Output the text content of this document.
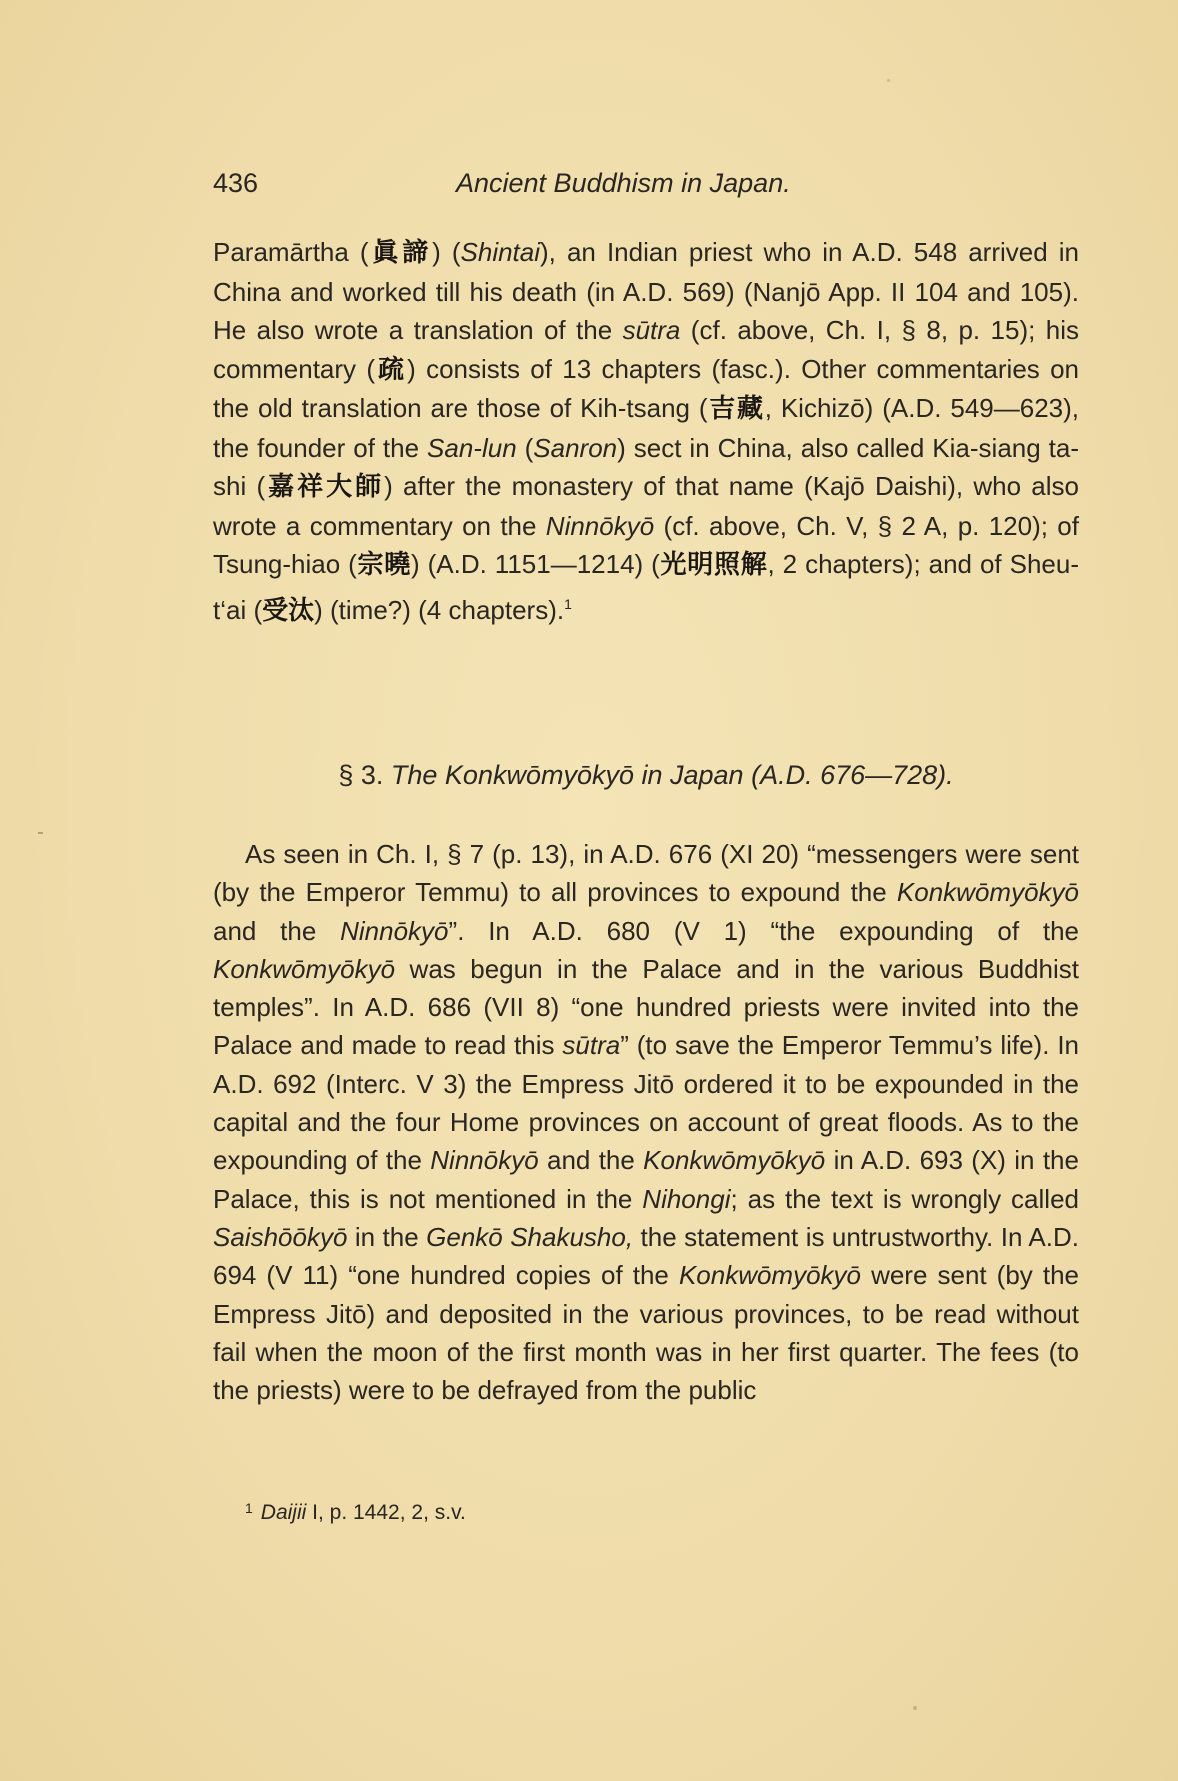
436	Ancient Buddhism in Japan.

Paramārtha (眞諦) (Shintai), an Indian priest who in A.D. 548 arrived in China and worked till his death (in A.D. 569) (Nanjō App. II 104 and 105). He also wrote a translation of the sūtra (cf. above, Ch. I, § 8, p. 15); his commentary (疏) consists of 13 chapters (fasc.). Other commentaries on the old translation are those of Kih-tsang (吉藏, Kichizō) (A.D. 549—623), the founder of the San-lun (Sanron) sect in China, also called Kia-siang ta-shi (嘉祥大師) after the monastery of that name (Kajō Daishi), who also wrote a commentary on the Ninnōkyō (cf. above, Ch. V, § 2 A, p. 120); of Tsung-hiao (宗曉) (A.D. 1151—1214) (光明照解, 2 chapters); and of Sheu-t‘ai (受汰) (time?) (4 chapters).$^1$

§ 3. The Konkwōmyōkyō in Japan (A.D. 676—728).

As seen in Ch. I, § 7 (p. 13), in A.D. 676 (XI 20) “messengers were sent (by the Emperor Temmu) to all provinces to expound the Konkwōmyōkyō and the Ninnōkyō”. In A.D. 680 (V 1) “the expounding of the Konkwōmyōkyō was begun in the Palace and in the various Buddhist temples”. In A.D. 686 (VII 8) “one hundred priests were invited into the Palace and made to read this sūtra” (to save the Emperor Temmu’s life). In A.D. 692 (Interc. V 3) the Empress Jitō ordered it to be expounded in the capital and the four Home provinces on account of great floods. As to the expounding of the Ninnōkyō and the Konkwōmyōkyō in A.D. 693 (X) in the Palace, this is not mentioned in the Nihongi; as the text is wrongly called Saishōōkyō in the Genkō Shakusho, the statement is untrustworthy. In A.D. 694 (V 11) “one hundred copies of the Konkwōmyōkyō were sent (by the Empress Jitō) and deposited in the various provinces, to be read without fail when the moon of the first month was in her first quarter. The fees (to the priests) were to be defrayed from the public

$^1$ Daijii I, p. 1442, 2, s.v.
